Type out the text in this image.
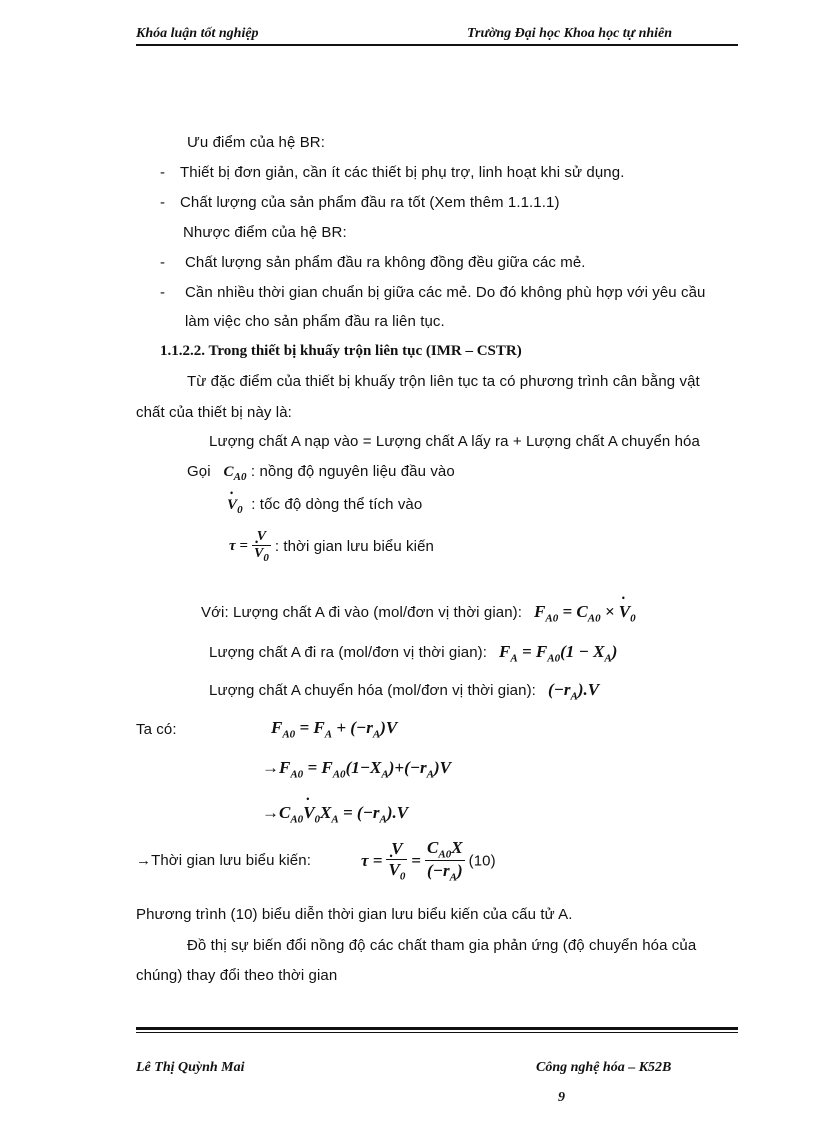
Khóa luận tốt nghiệp	Trường Đại học Khoa học tự nhiên
Ưu điểm của hệ BR:
- Thiết bị đơn giản, cần ít các thiết bị phụ trợ, linh hoạt khi sử dụng.
- Chất lượng của sản phẩm đầu ra tốt (Xem thêm 1.1.1.1)
Nhược điểm của hệ BR:
- Chất lượng sản phẩm đầu ra không đồng đều giữa các mẻ.
- Cần nhiều thời gian chuẩn bị giữa các mẻ. Do đó không phù hợp với yêu cầu
làm việc cho sản phẩm đầu ra liên tục.
1.1.2.2. Trong thiết bị khuấy trộn liên tục (IMR – CSTR)
Từ đặc điểm của thiết bị khuấy trộn liên tục ta có phương trình cân bằng vật
chất của thiết bị này là:
Lượng chất A nạp vào = Lượng chất A lấy ra + Lượng chất A chuyển hóa
Gọi $C_{A0}$ : nồng độ nguyên liệu đầu vào
• $V_0$ : tốc độ dòng thể tích vào
τ = V
• $V_0$ : thời gian lưu biểu kiến
Với: Lượng chất A đi vào (mol/đơn vị thời gian): $F_{A0} = C_{A0}$ × • $V_0$
Lượng chất A đi ra (mol/đơn vị thời gian): $F_A = F_{A0}(1 - X_A)$
Lượng chất A chuyển hóa (mol/đơn vị thời gian): $(-r_A).V$
Ta có:	$F_{A0} = F_A + (-r_A)V$
$\to F_{A0} = F_{A0}(1-X_A)+(-r_A)V$
$\to C_{A0}•$ $V_0X_A = (-r_A).V$
→Thời gian lưu biểu kiến:	τ = V
• $V_0 = \frac{C_{A0}X}{(-r_A)} (10)$
Phương trình (10) biểu diễn thời gian lưu biểu kiến của cấu tử A.
Đồ thị sự biến đổi nồng độ các chất tham gia phản ứng (độ chuyển hóa của
chúng) thay đổi theo thời gian
Lê Thị Quỳnh Mai	Công nghệ hóa – K52B
9
